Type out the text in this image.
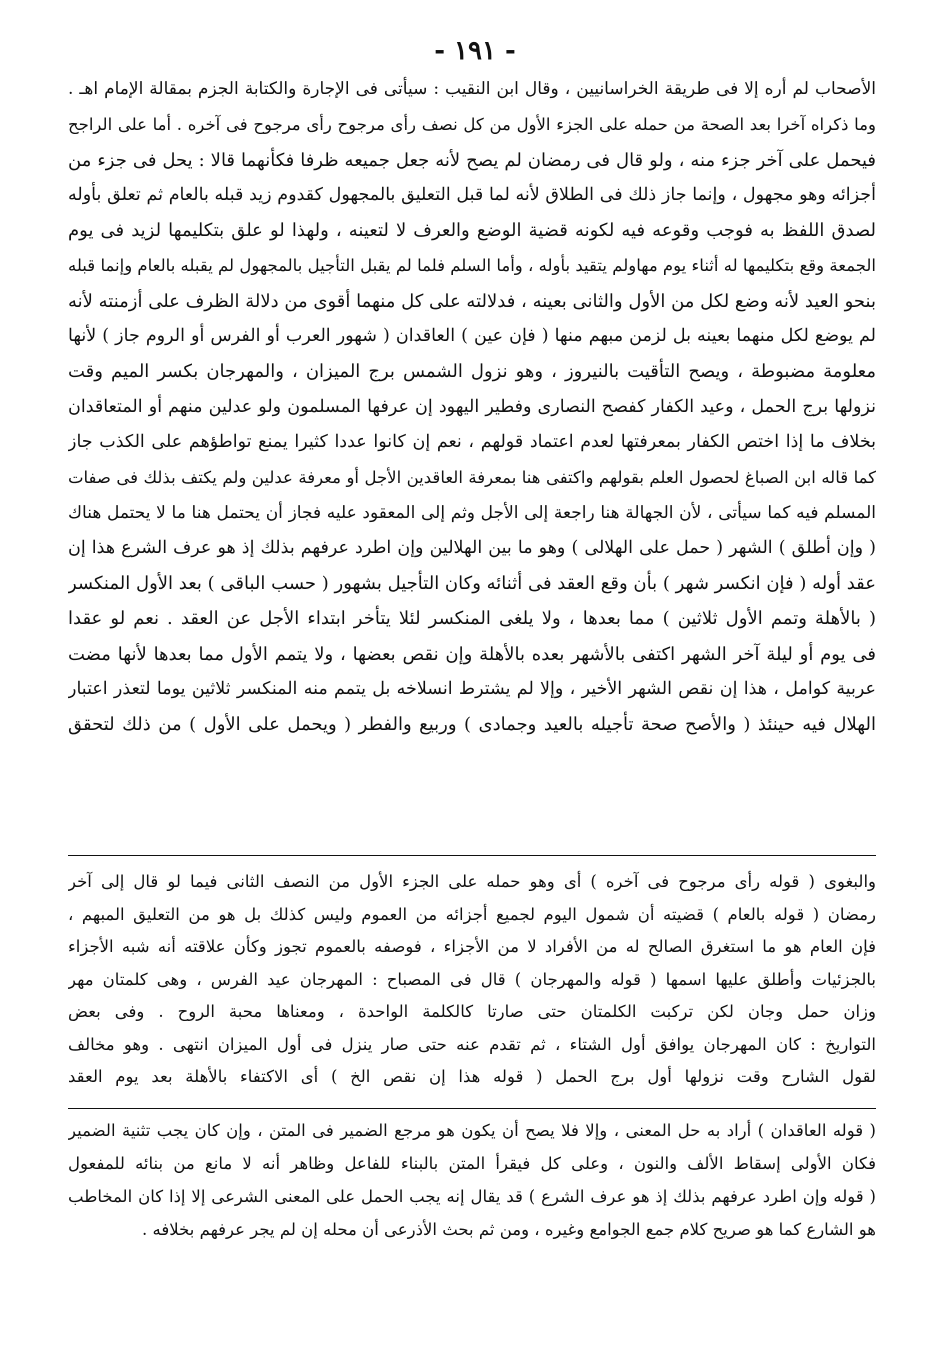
- ١٩١ -
الأصحاب لم أره إلا فى طريقة الخراسانيين ، وقال ابن النقيب : سيأتى فى الإجارة والكتابة الجزم بمقالة الإمام اهـ .
وما ذكراه آخرا بعد الصحة من حمله على الجزء الأول من كل نصف رأى مرجوح رأى مرجوح فى آخره . أما على الراجح
فيحمل على آخر جزء منه ، ولو قال فى رمضان لم يصح لأنه جعل جميعه ظرفا فكأنهما قالا : يحل فى جزء من
أجزائه وهو مجهول ، وإنما جاز ذلك فى الطلاق لأنه لما قبل التعليق بالمجهول كقدوم زيد قبله بالعام ثم تعلق بأوله
لصدق اللفظ به فوجب وقوعه فيه لكونه قضية الوضع والعرف لا لتعينه ، ولهذا لو علق بتكليمها لزيد فى يوم
الجمعة وقع بتكليمها له أثناء يوم مهاولم يتقيد بأوله ، وأما السلم فلما لم يقبل التأجيل بالمجهول لم يقبله بالعام وإنما قبله
بنحو العيد لأنه وضع لكل من الأول والثانى بعينه ، فدلالته على كل منهما أقوى من دلالة الظرف على أزمنته لأنه
لم يوضع لكل منهما بعينه بل لزمن مبهم منها ( فإن عين ) العاقدان ( شهور العرب أو الفرس أو الروم جاز ) لأنها
معلومة مضبوطة ، ويصح التأقيت بالنيروز ، وهو نزول الشمس برج الميزان ، والمهرجان بكسر الميم وقت
نزولها برج الحمل ، وعيد الكفار كفصح النصارى وفطير اليهود إن عرفها المسلمون ولو عدلين منهم أو المتعاقدان
بخلاف ما إذا اختص الكفار بمعرفتها لعدم اعتماد قولهم ، نعم إن كانوا عددا كثيرا يمنع تواطؤهم على الكذب جاز
كما قاله ابن الصباغ لحصول العلم بقولهم واكتفى هنا بمعرفة العاقدين الأجل أو معرفة عدلين ولم يكتف بذلك فى صفات
المسلم فيه كما سيأتى ، لأن الجهالة هنا راجعة إلى الأجل وثم إلى المعقود عليه فجاز أن يحتمل هنا ما لا يحتمل هناك
( وإن أطلق ) الشهر ( حمل على الهلالى ) وهو ما بين الهلالين وإن اطرد عرفهم بذلك إذ هو عرف الشرع هذا إن
عقد أوله ( فإن انكسر شهر ) بأن وقع العقد فى أثنائه وكان التأجيل بشهور ( حسب الباقى ) بعد الأول المنكسر
( بالأهلة وتمم الأول ثلاثين ) مما بعدها ، ولا يلغى المنكسر لئلا يتأخر ابتداء الأجل عن العقد . نعم لو عقدا
فى يوم أو ليلة آخر الشهر اكتفى بالأشهر بعده بالأهلة وإن نقص بعضها ، ولا يتمم الأول مما بعدها لأنها مضت
عربية كوامل ، هذا إن نقص الشهر الأخير ، وإلا لم يشترط انسلاخه بل يتمم منه المنكسر ثلاثين يوما لتعذر اعتبار
الهلال فيه حينئذ ( والأصح صحة تأجيله بالعيد وجمادى ) وربيع والفطر ( ويحمل على الأول ) من ذلك لتحقق
والبغوى ( قوله رأى مرجوح فى آخره ) أى وهو حمله على الجزء الأول من النصف الثانى فيما لو قال إلى آخر
رمضان ( قوله بالعام ) قضيته أن شمول اليوم لجميع أجزائه من العموم وليس كذلك بل هو من التعليق المبهم ،
فإن العام هو ما استغرق الصالح له من الأفراد لا من الأجزاء ، فوصفه بالعموم تجوز وكأن علاقته أنه شبه الأجزاء
بالجزئيات وأطلق عليها اسمها ( قوله والمهرجان ) قال فى المصباح : المهرجان عيد الفرس ، وهى كلمتان مهر
وزان حمل وجان لكن تركبت الكلمتان حتى صارتا كالكلمة الواحدة ، ومعناها محبة الروح . وفى بعض
التواريخ : كان المهرجان يوافق أول الشتاء ، ثم تقدم عنه حتى صار ينزل فى أول الميزان انتهى . وهو مخالف
لقول الشارح وقت نزولها أول برج الحمل ( قوله هذا إن نقص الخ ) أى الاكتفاء بالأهلة بعد يوم العقد
( قوله العاقدان ) أراد به حل المعنى ، وإلا فلا يصح أن يكون هو مرجع الضمير فى المتن ، وإن كان يجب تثنية الضمير
فكان الأولى إسقاط الألف والنون ، وعلى كل فيقرأ المتن بالبناء للفاعل وظاهر أنه لا مانع من بنائه للمفعول
( قوله وإن اطرد عرفهم بذلك إذ هو عرف الشرع ) قد يقال إنه يجب الحمل على المعنى الشرعى إلا إذا كان المخاطب
هو الشارع كما هو صريح كلام جمع الجوامع وغيره ، ومن ثم بحث الأذرعى أن محله إن لم يجر عرفهم بخلافه .
